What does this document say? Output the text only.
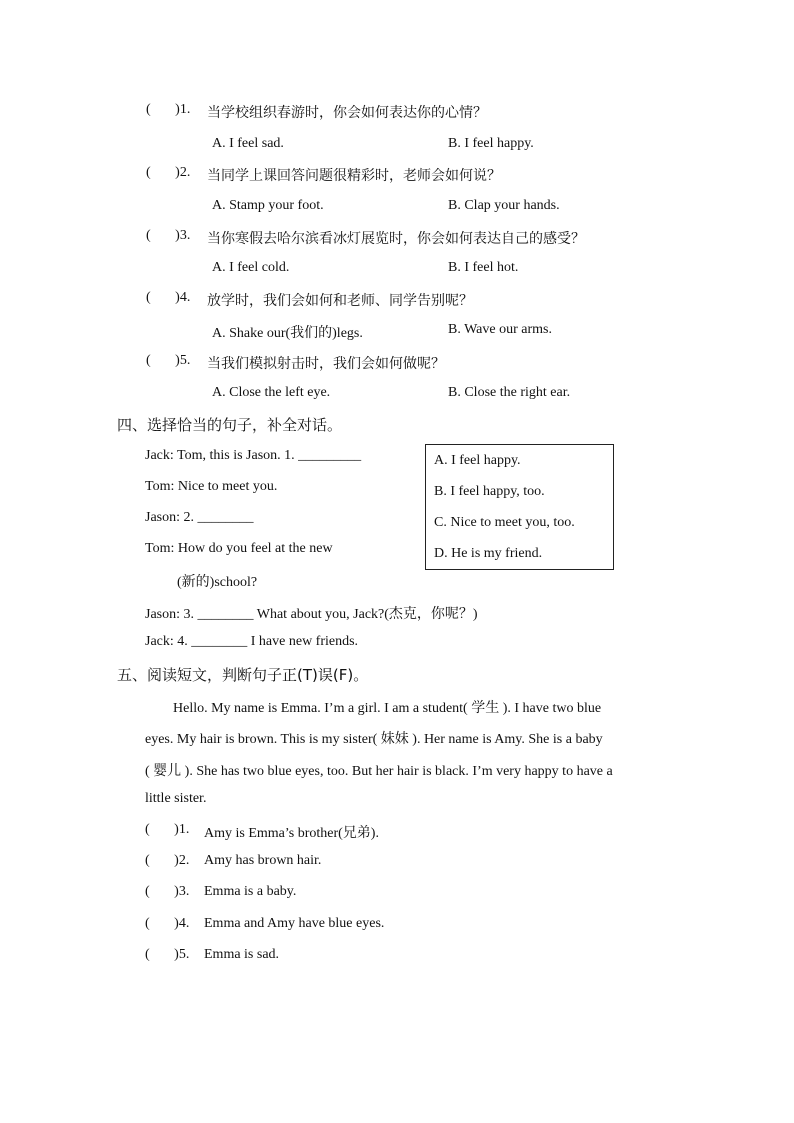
(       )1. 当学校组织春游时，你会如何表达你的心情？
A. I feel sad.	B. I feel happy.
(       )2. 当同学上课回答问题很精彩时，老师会如何说？
A. Stamp your foot.	B. Clap your hands.
(       )3. 当你寒假去哈尔滨看冰灯展览时，你会如何表达自己的感受？
A. I feel cold.	B. I feel hot.
(       )4. 放学时，我们会如何和老师、同学告别呢？
A. Shake our(我们的)legs.	B. Wave our arms.
(       )5. 当我们模拟射击时，我们会如何做呢？
A. Close the left eye.	B. Close the right ear.
四、选择恰当的句子，补全对话。
Jack: Tom, this is Jason. 1. _________
Tom: Nice to meet you.
Jason: 2. ________
Tom: How do you feel at the new
(新的)school?
Jason: 3. ________ What about you, Jack?(杰克，你呢？)
Jack: 4. ________ I have new friends.
A. I feel happy.
B. I feel happy, too.
C. Nice to meet you, too.
D. He is my friend.
五、阅读短文，判断句子正(T)误(F)。
Hello. My name is Emma. I’m a girl. I am a student( 学生 ). I have two blue
eyes. My hair is brown. This is my sister( 妹妹 ). Her name is Amy. She is a baby
( 婴儿 ). She has two blue eyes, too. But her hair is black. I’m very happy to have a
little sister.
(       )1. Amy is Emma’s brother(兄弟).
(       )2. Amy has brown hair.
(       )3. Emma is a baby.
(       )4. Emma and Amy have blue eyes.
(       )5. Emma is sad.
